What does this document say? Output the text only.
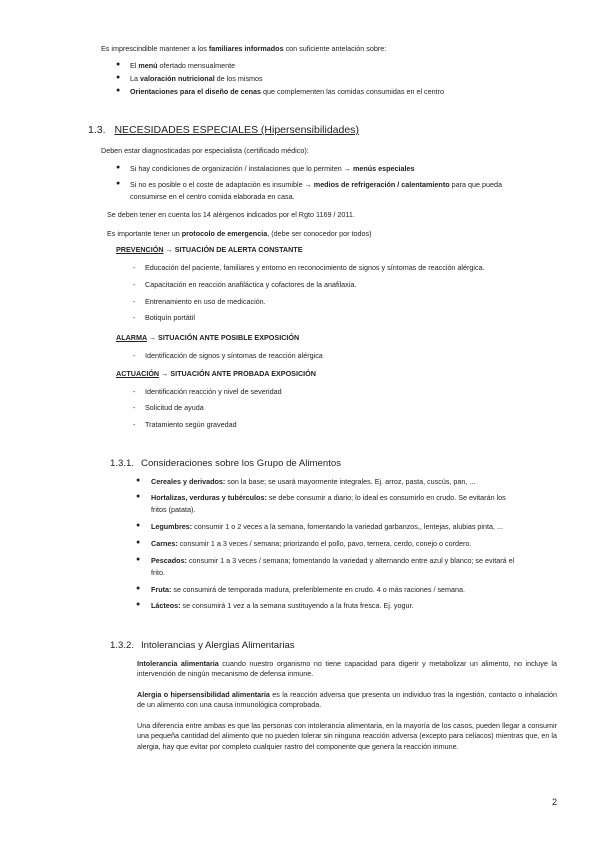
Es imprescindible mantener a los familiares informados con suficiente antelación sobre:
● El menú ofertado mensualmente
● La valoración nutricional de los mismos
● Orientaciones para el diseño de cenas que complementen las comidas consumidas en el centro
1.3. NECESIDADES ESPECIALES (Hipersensibilidades)
Deben estar diagnosticadas por especialista (certificado médico):
● Si hay condiciones de organización / instalaciones que lo permiten → menús especiales
● Si no es posible o el coste de adaptación es insumible → medios de refrigeración / calentamiento para que pueda
consumirse en el centro comida elaborada en casa.
Se deben tener en cuenta los 14 alérgenos indicados por el Rgto 1169 / 2011.
Es importante tener un protocolo de emergencia, (debe ser conocedor por todos)
PREVENCIÓN → SITUACIÓN DE ALERTA CONSTANTE
- Educación del paciente, familiares y entorno en reconocimiento de signos y síntomas de reacción alérgica.
- Capacitación en reacción anafiláctica y cofactores de la anafilaxia.
- Entrenamiento en uso de medicación.
- Botiquín portátil
ALARMA → SITUACIÓN ANTE POSIBLE EXPOSICIÓN
- Identificación de signos y síntomas de reacción alérgica
ACTUACIÓN → SITUACIÓN ANTE PROBADA EXPOSICIÓN
- Identificación reacción y nivel de severidad
- Solicitud de ayuda
- Tratamiento según gravedad
1.3.1. Consideraciones sobre los Grupo de Alimentos
● Cereales y derivados: son la base; se usará mayormente integrales. Ej. arroz, pasta, cuscús, pan, ...
● Hortalizas, verduras y tubérculos: se debe consumir a diario; lo ideal es consumirlo en crudo. Se evitarán los
fritos (patata).
● Legumbres: consumir 1 o 2 veces a la semana, fomentando la variedad garbanzos,, lentejas, alubias pinta, ...
● Carnes: consumir 1 a 3 veces / semana; priorizando el pollo, pavo, ternera, cerdo, conejo o cordero.
● Pescados: consumir 1 a 3 veces / semana; fomentando la variedad y alternando entre azul y blanco; se evitará el
frito.
● Fruta: se consumirá de temporada madura, preferiblemente en crudo. 4 o más raciones / semana.
● Lácteos: se consumirá 1 vez a la semana sustituyendo a la fruta fresca. Ej. yogur.
1.3.2. Intolerancias y Alergias Alimentarias
Intolerancia alimentaria cuando nuestro organismo no tiene capacidad para digerir y metabolizar un alimento, no incluye la intervención de ningún mecanismo de defensa inmune.
Alergia o hipersensibilidad alimentaria es la reacción adversa que presenta un individuo tras la ingestión, contacto o inhalación de un alimento con una causa inmunológica comprobada.
Una diferencia entre ambas es que las personas con intolerancia alimentaria, en la mayoría de los casos, pueden llegar a consumir una pequeña cantidad del alimento que no pueden tolerar sin ninguna reacción adversa (excepto para celiacos) mientras que, en la alergia, hay que evitar por completo cualquier rastro del componente que genera la reacción inmune.
2
